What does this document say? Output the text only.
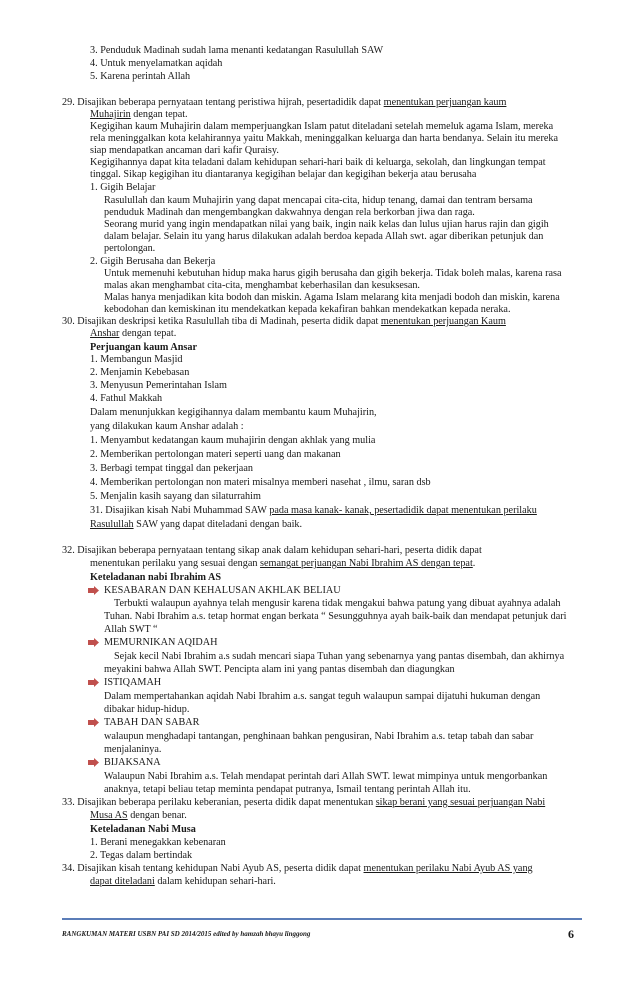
3. Penduduk Madinah sudah lama menanti kedatangan Rasulullah SAW
4. Untuk menyelamatkan aqidah
5. Karena perintah Allah
29. Disajikan beberapa pernyataan tentang peristiwa hijrah, pesertadidik dapat menentukan perjuangan kaum
Muhajirin dengan tepat.
Kegigihan kaum Muhajirin dalam memperjuangkan Islam patut diteladani setelah memeluk agama Islam, mereka
rela meninggalkan kota kelahirannya yaitu Makkah, meninggalkan keluarga dan harta bendanya. Selain itu mereka
siap mendapatkan ancaman dari kafir Quraisy.
Kegigihannya dapat kita teladani dalam kehidupan sehari-hari baik di keluarga, sekolah, dan lingkungan tempat
tinggal. Sikap kegigihan itu diantaranya kegigihan belajar dan kegigihan bekerja atau berusaha
1. Gigih Belajar
Rasulullah dan kaum Muhajirin yang dapat mencapai cita-cita, hidup tenang, damai dan tentram bersama
penduduk Madinah dan mengembangkan dakwahnya dengan rela berkorban jiwa dan raga.
Seorang murid yang ingin mendapatkan nilai yang baik, ingin naik kelas dan lulus ujian harus rajin dan gigih
dalam belajar. Selain itu yang harus dilakukan adalah berdoa kepada Allah swt. agar diberikan petunjuk dan
pertolongan.
2. Gigih Berusaha dan Bekerja
Untuk memenuhi kebutuhan hidup maka harus gigih berusaha dan gigih bekerja. Tidak boleh malas, karena rasa
malas akan menghambat cita-cita, menghambat keberhasilan dan kesuksesan.
Malas hanya menjadikan kita bodoh dan miskin. Agama Islam melarang kita menjadi bodoh dan miskin, karena
kebodohan dan kemiskinan itu mendekatkan kepada kekafiran bahkan mendekatkan kepada neraka.
30. Disajikan deskripsi ketika Rasulullah tiba di Madinah, peserta didik dapat menentukan perjuangan Kaum
Anshar dengan tepat.
Perjuangan kaum Ansar
1. Membangun Masjid
2. Menjamin Kebebasan
3. Menyusun Pemerintahan Islam
4. Fathul Makkah
Dalam menunjukkan kegigihannya dalam membantu kaum Muhajirin,
yang dilakukan kaum Anshar adalah :
1. Menyambut kedatangan kaum muhajirin dengan akhlak yang mulia
2. Memberikan pertolongan materi seperti uang dan makanan
3. Berbagi tempat tinggal dan pekerjaan
4. Memberikan pertolongan non materi misalnya memberi nasehat , ilmu, saran dsb
5. Menjalin kasih sayang dan silaturrahim
31. Disajikan kisah Nabi Muhammad SAW pada masa kanak- kanak, pesertadidik dapat menentukan perilaku
Rasulullah SAW yang dapat diteladani dengan baik.
32. Disajikan beberapa pernyataan tentang sikap anak dalam kehidupan sehari-hari, peserta didik dapat
menentukan perilaku yang sesuai dengan semangat perjuangan Nabi Ibrahim AS dengan tepat.
Keteladanan nabi Ibrahim AS
KESABARAN DAN KEHALUSAN AKHLAK BELIAU
Terbukti walaupun ayahnya telah mengusir karena tidak mengakui bahwa patung yang dibuat ayahnya adalah
Tuhan. Nabi Ibrahim a.s. tetap hormat engan berkata “ Sesungguhnya ayah baik-baik dan mendapat petunjuk dari
Allah SWT “
MEMURNIKAN AQIDAH
Sejak kecil Nabi Ibrahim a.s sudah mencari siapa Tuhan yang sebenarnya yang pantas disembah, dan akhirnya
meyakini bahwa Allah SWT. Pencipta alam ini yang pantas disembah dan diagungkan
ISTIQAMAH
Dalam mempertahankan aqidah Nabi Ibrahim a.s. sangat teguh walaupun sampai dijatuhi hukuman dengan
dibakar hidup-hidup.
TABAH DAN SABAR
walaupun menghadapi tantangan, penghinaan bahkan pengusiran, Nabi Ibrahim a.s. tetap tabah dan sabar
menjalaninya.
BIJAKSANA
Walaupun Nabi Ibrahim a.s. Telah mendapat perintah dari Allah SWT. lewat mimpinya untuk mengorbankan
anaknya, tetapi beliau tetap meminta pendapat putranya, Ismail tentang perintah Allah itu.
33. Disajikan beberapa perilaku keberanian, peserta didik dapat menentukan sikap berani yang sesuai perjuangan Nabi
Musa AS dengan benar.
Keteladanan Nabi Musa
1. Berani menegakkan kebenaran
2. Tegas dalam bertindak
34. Disajikan kisah tentang kehidupan Nabi Ayub AS, peserta didik dapat menentukan perilaku Nabi Ayub AS yang
dapat diteladani dalam kehidupan sehari-hari.
RANGKUMAN MATERI USBN PAI SD 2014/2015 edited by hamzah bhayu linggong	6
